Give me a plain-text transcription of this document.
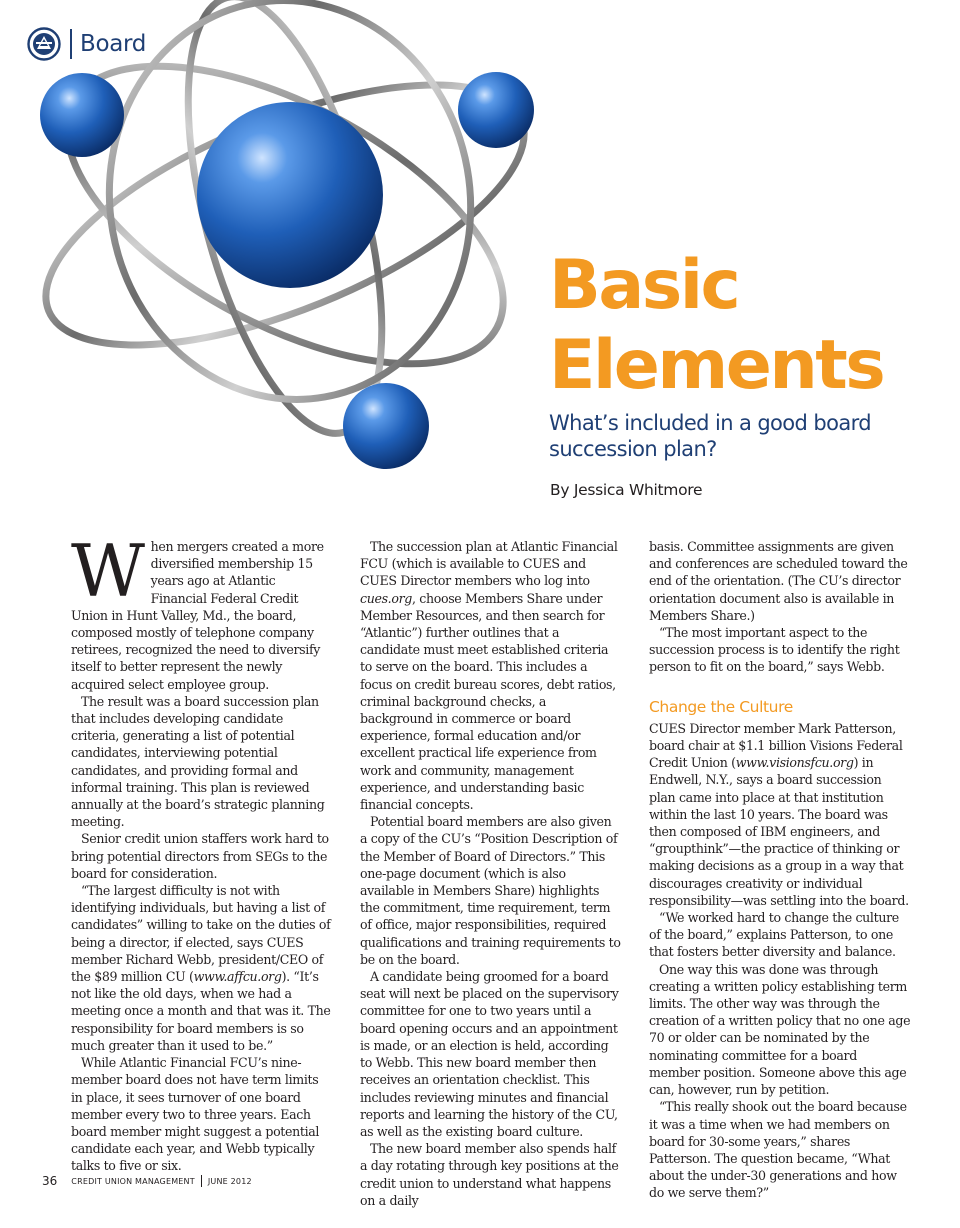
Board
Basic
Elements

What’s included in a good board succession plan?

By Jessica Whitmore

When mergers created a more diversified membership 15 years ago at Atlantic Financial Federal Credit Union in Hunt Valley, Md., the board, composed mostly of telephone company retirees, recognized the need to diversify itself to better represent the newly acquired select employee group.

The result was a board succession plan that includes developing candidate criteria, generating a list of potential candidates, interviewing potential candidates, and providing formal and informal training. This plan is reviewed annually at the board’s strategic planning meeting.

Senior credit union staffers work hard to bring potential directors from SEGs to the board for consideration.

“The largest difficulty is not with identifying individuals, but having a list of candidates” willing to take on the duties of being a director, if elected, says CUES member Richard Webb, president/CEO of the $89 million CU (www.affcu.org). “It’s not like the old days, when we had a meeting once a month and that was it. The responsibility for board members is so much greater than it used to be.”

While Atlantic Financial FCU’s nine-member board does not have term limits in place, it sees turnover of one board member every two to three years. Each board member might suggest a potential candidate each year, and Webb typically talks to five or six.

The succession plan at Atlantic Financial FCU (which is available to CUES and CUES Director members who log into cues.org, choose Members Share under Member Resources, and then search for “Atlantic”) further outlines that a candidate must meet established criteria to serve on the board. This includes a focus on credit bureau scores, debt ratios, criminal background checks, a background in commerce or board experience, formal education and/or excellent practical life experience from work and community, management experience, and understanding basic financial concepts.

Potential board members are also given a copy of the CU’s “Position Description of the Member of Board of Directors.” This one-page document (which is also available in Members Share) highlights the commitment, time requirement, term of office, major responsibilities, required qualifications and training requirements to be on the board.

A candidate being groomed for a board seat will next be placed on the supervisory committee for one to two years until a board opening occurs and an appointment is made, or an election is held, according to Webb. This new board member then receives an orientation checklist. This includes reviewing minutes and financial reports and learning the history of the CU, as well as the existing board culture.

The new board member also spends half a day rotating through key positions at the credit union to understand what happens on a daily

basis. Committee assignments are given and conferences are scheduled toward the end of the orientation. (The CU’s director orientation document also is available in Members Share.)

“The most important aspect to the succession process is to identify the right person to fit on the board,” says Webb.

Change the Culture

CUES Director member Mark Patterson, board chair at $1.1 billion Visions Federal Credit Union (www.visionsfcu.org) in Endwell, N.Y., says a board succession plan came into place at that institution within the last 10 years. The board was then composed of IBM engineers, and “groupthink”—the practice of thinking or making decisions as a group in a way that discourages creativity or individual responsibility—was settling into the board.

“We worked hard to change the culture of the board,” explains Patterson, to one that fosters better diversity and balance.

One way this was done was through creating a written policy establishing term limits. The other way was through the creation of a written policy that no one age 70 or older can be nominated by the nominating committee for a board member position. Someone above this age can, however, run by petition.

“This really shook out the board because it was a time when we had members on board for 30-some years,” shares Patterson. The question became, “What about the under-30 generations and how do we serve them?”

36 CREDIT UNION MANAGEMENT JUNE 2012
